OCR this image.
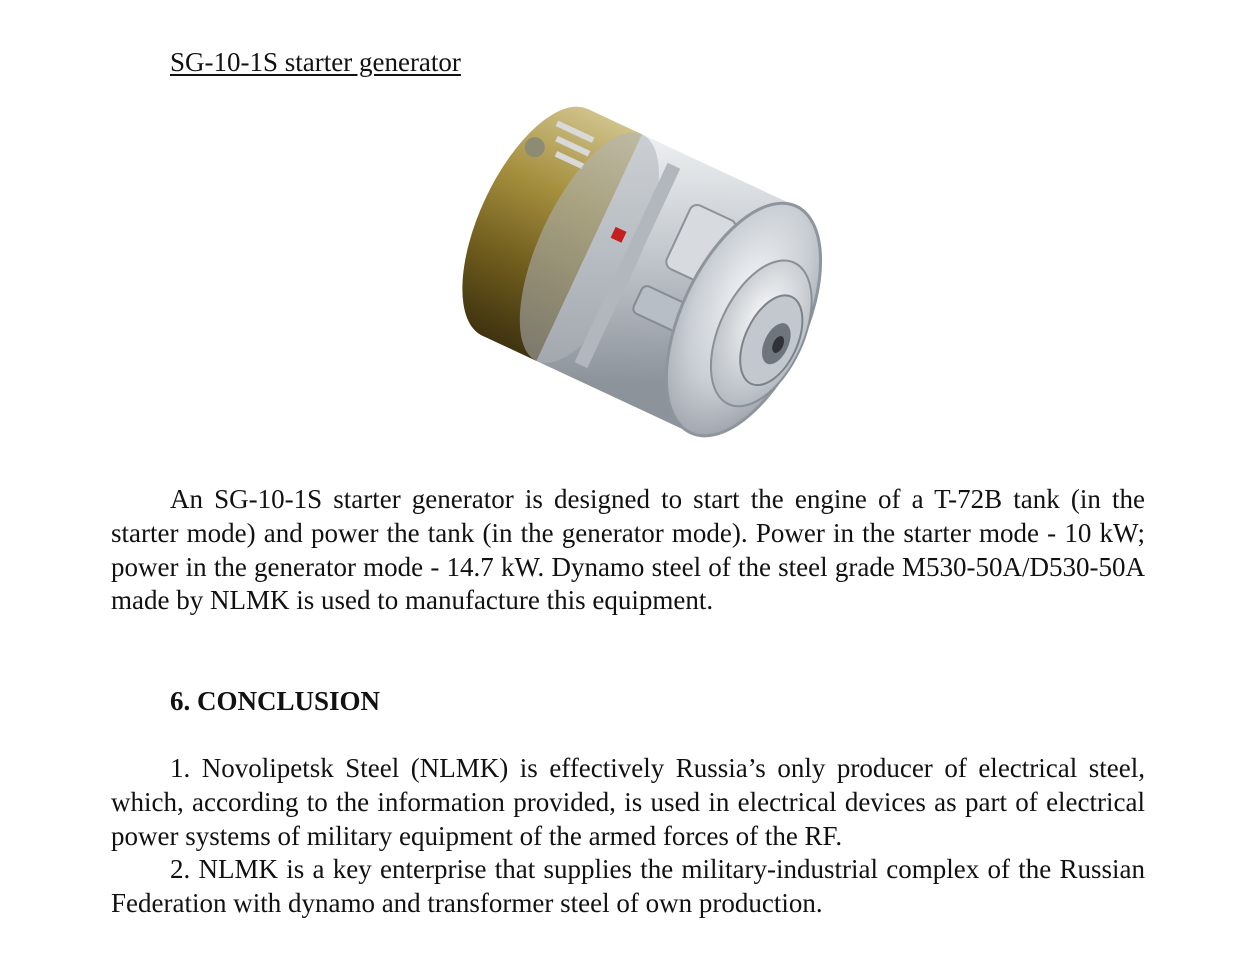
SG-10-1S starter generator

An SG-10-1S starter generator is designed to start the engine of a T-72B tank (in the starter mode) and power the tank (in the generator mode). Power in the starter mode - 10 kW; power in the generator mode - 14.7 kW. Dynamo steel of the steel grade M530-50A/D530-50A made by NLMK is used to manufacture this equipment.

6. CONCLUSION

1. Novolipetsk Steel (NLMK) is effectively Russia’s only producer of electrical steel, which, according to the information provided, is used in electrical devices as part of electrical power systems of military equipment of the armed forces of the RF.

2. NLMK is a key enterprise that supplies the military-industrial complex of the Russian Federation with dynamo and transformer steel of own production.
